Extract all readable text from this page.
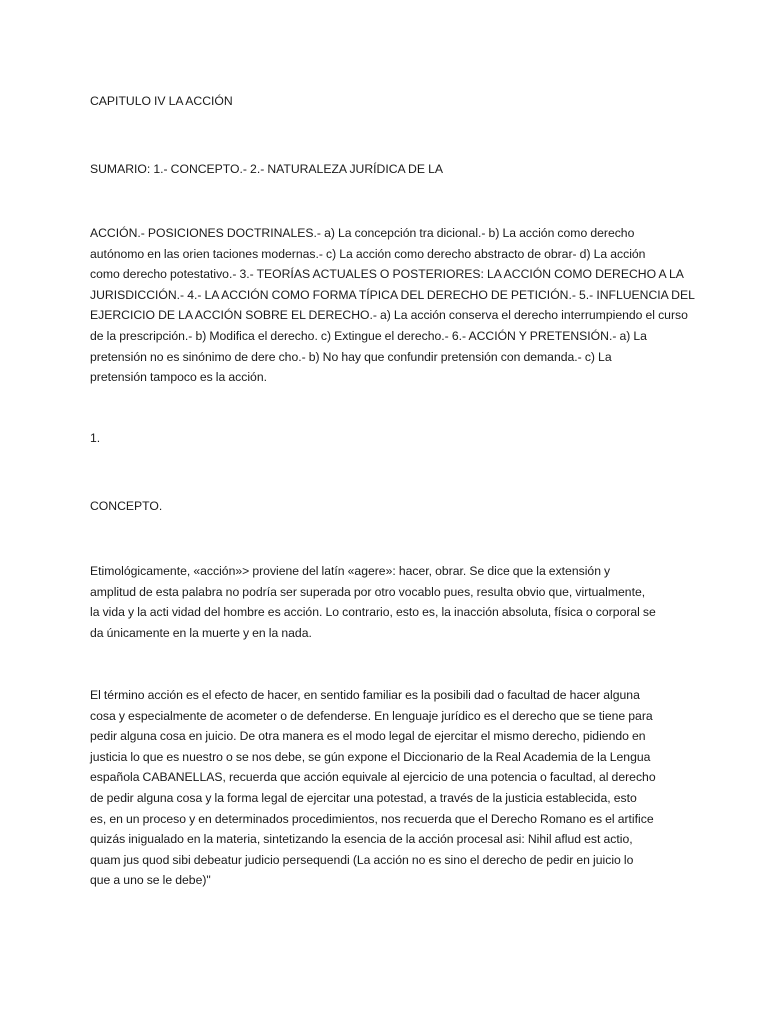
CAPITULO IV LA ACCIÓN

SUMARIO: 1.- CONCEPTO.- 2.- NATURALEZA JURÍDICA DE LA

ACCIÓN.- POSICIONES DOCTRINALES.- a) La concepción tra dicional.- b) La acción como derecho
autónomo en las orien taciones modernas.- c) La acción como derecho abstracto de obrar- d) La acción
como derecho potestativo.- 3.- TEORÍAS ACTUALES O POSTERIORES: LA ACCIÓN COMO DERECHO A LA
JURISDICCIÓN.- 4.- LA ACCIÓN COMO FORMA TÍPICA DEL DERECHO DE PETICIÓN.- 5.- INFLUENCIA DEL
EJERCICIO DE LA ACCIÓN SOBRE EL DERECHO.- a) La acción conserva el derecho interrumpiendo el curso
de la prescripción.- b) Modifica el derecho. c) Extingue el derecho.- 6.- ACCIÓN Y PRETENSIÓN.- a) La
pretensión no es sinónimo de dere cho.- b) No hay que confundir pretensión con demanda.- c) La
pretensión tampoco es la acción.

1.

CONCEPTO.

Etimológicamente, «acción»> proviene del latín «agere»: hacer, obrar. Se dice que la extensión y
amplitud de esta palabra no podría ser superada por otro vocablo pues, resulta obvio que, virtualmente,
la vida y la acti vidad del hombre es acción. Lo contrario, esto es, la inacción absoluta, física o corporal se
da únicamente en la muerte y en la nada.

El término acción es el efecto de hacer, en sentido familiar es la posibili dad o facultad de hacer alguna
cosa y especialmente de acometer o de defenderse. En lenguaje jurídico es el derecho que se tiene para
pedir alguna cosa en juicio. De otra manera es el modo legal de ejercitar el mismo derecho, pidiendo en
justicia lo que es nuestro o se nos debe, se gún expone el Diccionario de la Real Academia de la Lengua
española CABANELLAS, recuerda que acción equivale al ejercicio de una potencia o facultad, al derecho
de pedir alguna cosa y la forma legal de ejercitar una potestad, a través de la justicia establecida, esto
es, en un proceso y en determinados procedimientos, nos recuerda que el Derecho Romano es el artifice
quizás inigualado en la materia, sintetizando la esencia de la acción procesal asi: Nihil aflud est actio,
quam jus quod sibi debeatur judicio persequendi (La acción no es sino el derecho de pedir en juicio lo
que a uno se le debe)"
